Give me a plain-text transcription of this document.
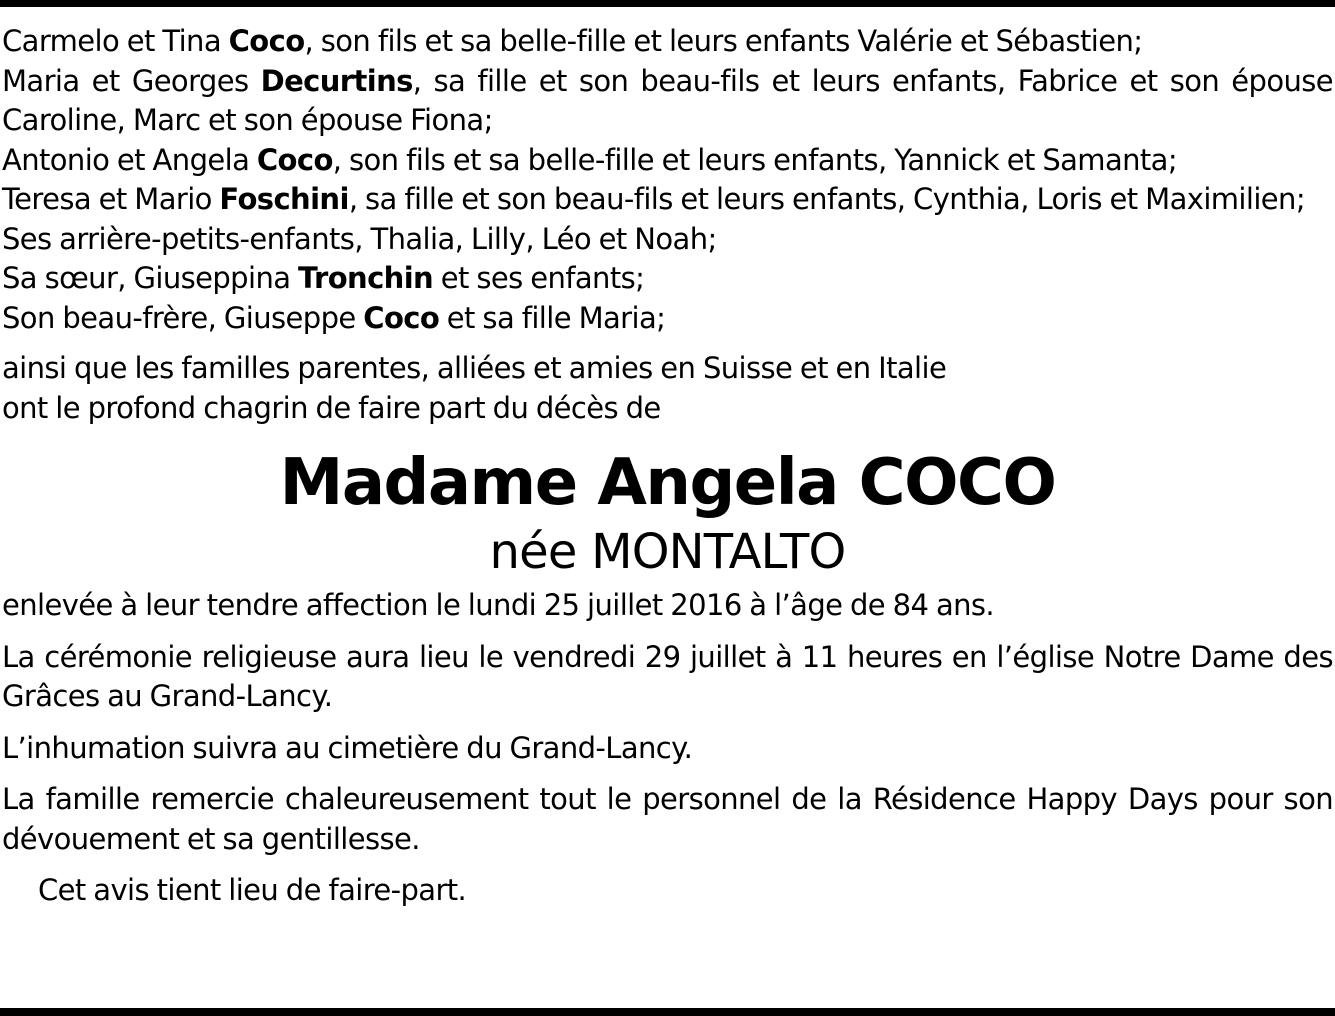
Carmelo et Tina Coco, son fils et sa belle-fille et leurs enfants Valérie et Sébastien;

Maria et Georges Decurtins, sa fille et son beau-fils et leurs enfants, Fabrice et son épouse Caroline, Marc et son épouse Fiona;

Antonio et Angela Coco, son fils et sa belle-fille et leurs enfants, Yannick et Samanta;

Teresa et Mario Foschini, sa fille et son beau-fils et leurs enfants, Cynthia, Loris et Maximilien;

Ses arrière-petits-enfants, Thalia, Lilly, Léo et Noah;

Sa sœur, Giuseppina Tronchin et ses enfants;

Son beau-frère, Giuseppe Coco et sa fille Maria;

ainsi que les familles parentes, alliées et amies en Suisse et en Italie
ont le profond chagrin de faire part du décès de

Madame Angela COCO
née MONTALTO

enlevée à leur tendre affection le lundi 25 juillet 2016 à l’âge de 84 ans.

La cérémonie religieuse aura lieu le vendredi 29 juillet à 11 heures en l’église Notre Dame des Grâces au Grand-Lancy.

L’inhumation suivra au cimetière du Grand-Lancy.

La famille remercie chaleureusement tout le personnel de la Résidence Happy Days pour son dévouement et sa gentillesse.

Cet avis tient lieu de faire-part.
